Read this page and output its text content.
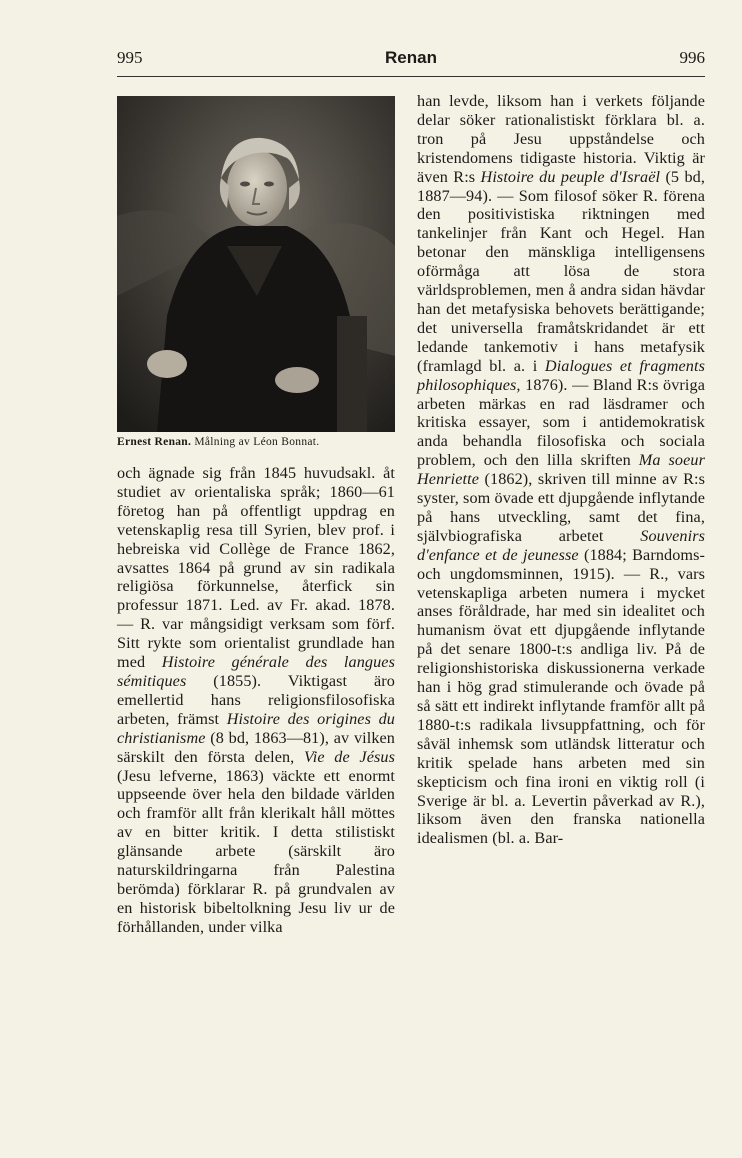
995	Renan	996
Ernest Renan. Målning av Léon Bonnat.

och ägnade sig från 1845 huvudsakl. åt studiet av orientaliska språk; 1860—61 företog han på offentligt uppdrag en vetenskaplig resa till Syrien, blev prof. i hebreiska vid Collège de France 1862, avsattes 1864 på grund av sin radikala religiösa förkunnelse, återfick sin professur 1871. Led. av Fr. akad. 1878. — R. var mångsidigt verksam som förf. Sitt rykte som orientalist grundlade han med Histoire générale des langues sémitiques (1855). Viktigast äro emellertid hans religionsfilosofiska arbeten, främst Histoire des origines du christianisme (8 bd, 1863—81), av vilken särskilt den första delen, Vie de Jésus (Jesu lefverne, 1863) väckte ett enormt uppseende över hela den bildade världen och framför allt från klerikalt håll möttes av en bitter kritik. I detta stilistiskt glänsande arbete (särskilt äro naturskildringarna från Palestina berömda) förklarar R. på grundvalen av en historisk bibeltolkning Jesu liv ur de förhållanden, under vilka

han levde, liksom han i verkets följande delar söker rationalistiskt förklara bl. a. tron på Jesu uppståndelse och kristendomens tidigaste historia. Viktig är även R:s Histoire du peuple d'Israël (5 bd, 1887—94). — Som filosof söker R. förena den positivistiska riktningen med tankelinjer från Kant och Hegel. Han betonar den mänskliga intelligensens oförmåga att lösa de stora världsproblemen, men å andra sidan hävdar han det metafysiska behovets berättigande; det universella framåtskridandet är ett ledande tankemotiv i hans metafysik (framlagd bl. a. i Dialogues et fragments philosophiques, 1876). — Bland R:s övriga arbeten märkas en rad läsdramer och kritiska essayer, som i antidemokratisk anda behandla filosofiska och sociala problem, och den lilla skriften Ma soeur Henriette (1862), skriven till minne av R:s syster, som övade ett djupgående inflytande på hans utveckling, samt det fina, självbiografiska arbetet Souvenirs d'enfance et de jeunesse (1884; Barndoms- och ungdomsminnen, 1915). — R., vars vetenskapliga arbeten numera i mycket anses föråldrade, har med sin idealitet och humanism övat ett djupgående inflytande på det senare 1800-t:s andliga liv. På de religionshistoriska diskussionerna verkade han i hög grad stimulerande och övade på så sätt ett indirekt inflytande framför allt på 1880-t:s radikala livsuppfattning, och för såväl inhemsk som utländsk litteratur och kritik spelade hans arbeten med sin skepticism och fina ironi en viktig roll (i Sverige är bl. a. Levertin påverkad av R.), liksom även den franska nationella idealismen (bl. a. Bar-
